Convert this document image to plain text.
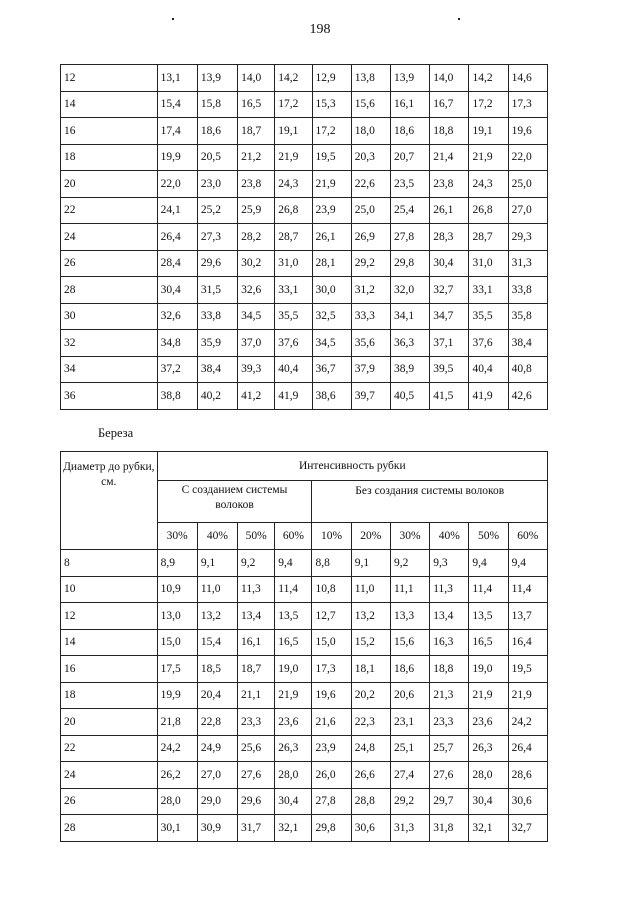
198
12	13,1	13,9	14,0	14,2	12,9	13,8	13,9	14,0	14,2	14,6
14	15,4	15,8	16,5	17,2	15,3	15,6	16,1	16,7	17,2	17,3
16	17,4	18,6	18,7	19,1	17,2	18,0	18,6	18,8	19,1	19,6
18	19,9	20,5	21,2	21,9	19,5	20,3	20,7	21,4	21,9	22,0
20	22,0	23,0	23,8	24,3	21,9	22,6	23,5	23,8	24,3	25,0
22	24,1	25,2	25,9	26,8	23,9	25,0	25,4	26,1	26,8	27,0
24	26,4	27,3	28,2	28,7	26,1	26,9	27,8	28,3	28,7	29,3
26	28,4	29,6	30,2	31,0	28,1	29,2	29,8	30,4	31,0	31,3
28	30,4	31,5	32,6	33,1	30,0	31,2	32,0	32,7	33,1	33,8
30	32,6	33,8	34,5	35,5	32,5	33,3	34,1	34,7	35,5	35,8
32	34,8	35,9	37,0	37,6	34,5	35,6	36,3	37,1	37,6	38,4
34	37,2	38,4	39,3	40,4	36,7	37,9	38,9	39,5	40,4	40,8
36	38,8	40,2	41,2	41,9	38,6	39,7	40,5	41,5	41,9	42,6
Береза
Диаметр до рубки, см.	Интенсивность рубки									
	С созданием системы волоков				Без создания системы волоков					
	30%	40%	50%	60%	10%	20%	30%	40%	50%	60%
8	8,9	9,1	9,2	9,4	8,8	9,1	9,2	9,3	9,4	9,4
10	10,9	11,0	11,3	11,4	10,8	11,0	11,1	11,3	11,4	11,4
12	13,0	13,2	13,4	13,5	12,7	13,2	13,3	13,4	13,5	13,7
14	15,0	15,4	16,1	16,5	15,0	15,2	15,6	16,3	16,5	16,4
16	17,5	18,5	18,7	19,0	17,3	18,1	18,6	18,8	19,0	19,5
18	19,9	20,4	21,1	21,9	19,6	20,2	20,6	21,3	21,9	21,9
20	21,8	22,8	23,3	23,6	21,6	22,3	23,1	23,3	23,6	24,2
22	24,2	24,9	25,6	26,3	23,9	24,8	25,1	25,7	26,3	26,4
24	26,2	27,0	27,6	28,0	26,0	26,6	27,4	27,6	28,0	28,6
26	28,0	29,0	29,6	30,4	27,8	28,8	29,2	29,7	30,4	30,6
28	30,1	30,9	31,7	32,1	29,8	30,6	31,3	31,8	32,1	32,7
